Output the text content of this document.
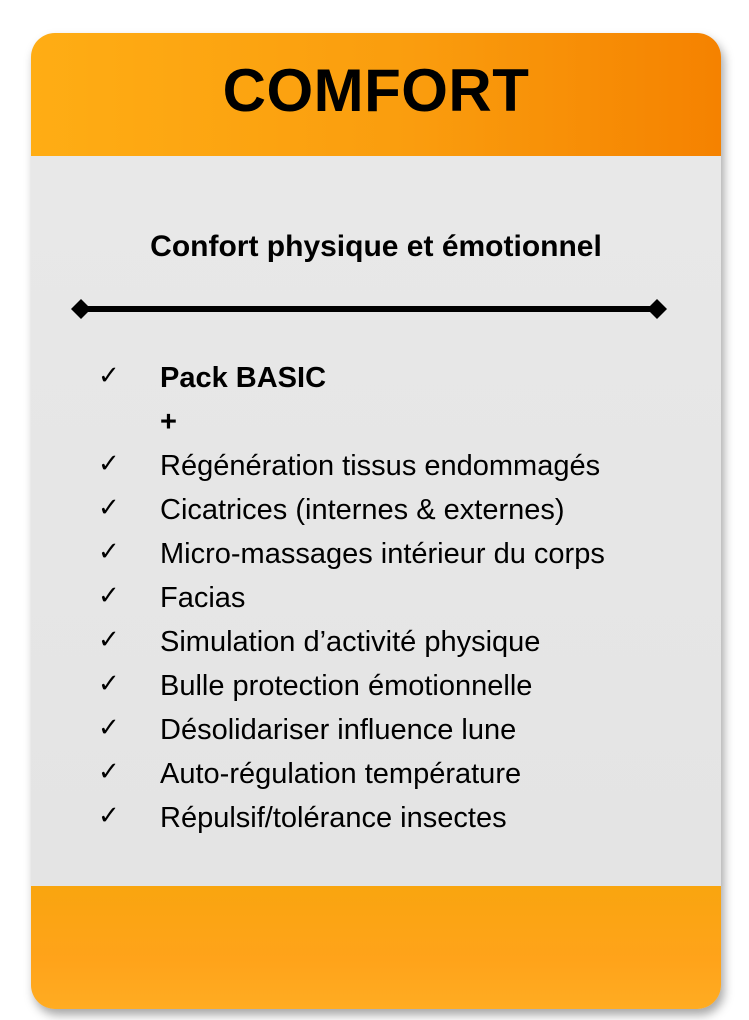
COMFORT
Confort physique et émotionnel
✓ Pack BASIC
+
✓ Régénération tissus endommagés
✓ Cicatrices (internes & externes)
✓ Micro-massages intérieur du corps
✓ Facias
✓ Simulation d’activité physique
✓ Bulle protection émotionnelle
✓ Désolidariser influence lune
✓ Auto-régulation température
✓ Répulsif/tolérance insectes
